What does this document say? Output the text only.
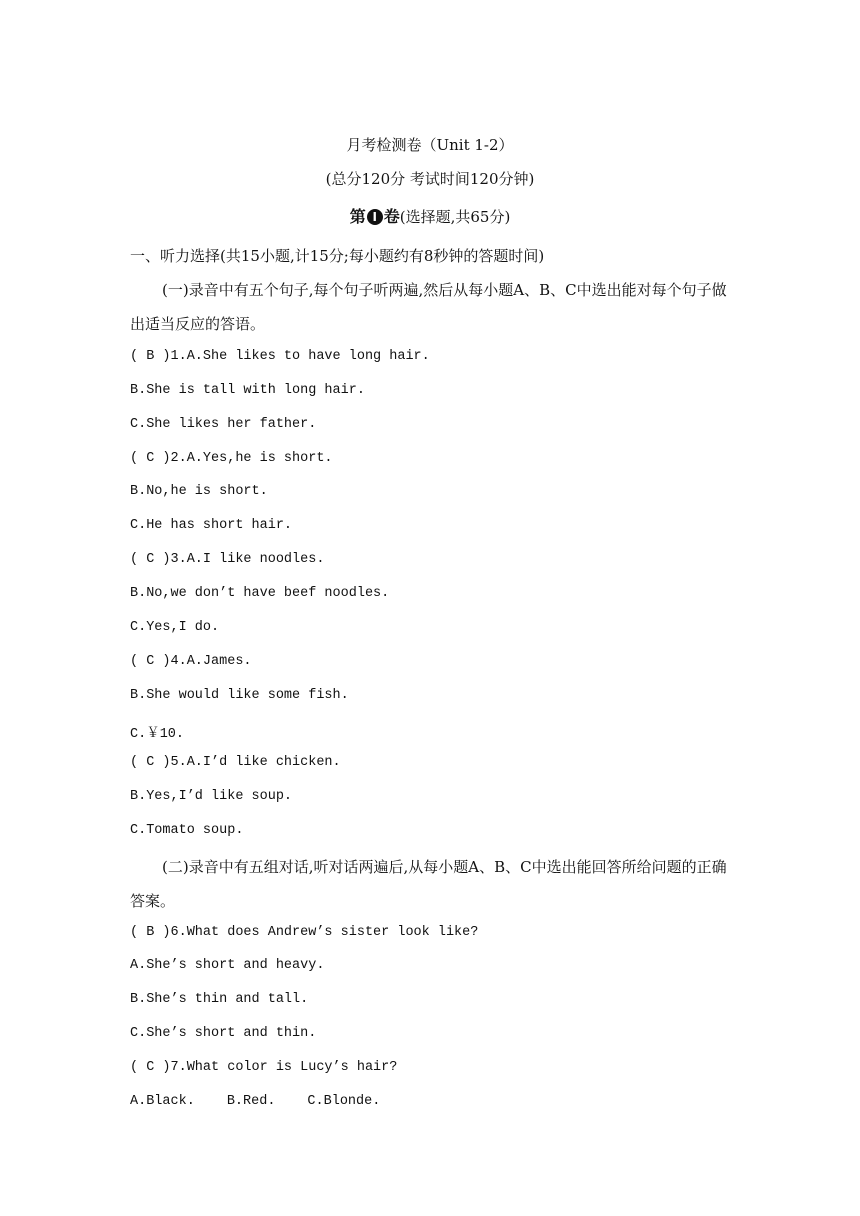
月考检测卷（Unit 1-2）
(总分120分 考试时间120分钟)
第 Ⅰ 卷(选择题,共65分)
一、听力选择(共15小题,计15分;每小题约有8秒钟的答题时间)
(一)录音中有五个句子,每个句子听两遍,然后从每小题A、B、C中选出能对每个句子做
出适当反应的答语。
( B )1.A.She likes to have long hair.
B.She is tall with long hair.
C.She likes her father.
( C )2.A.Yes,he is short.
B.No,he is short.
C.He has short hair.
( C )3.A.I like noodles.
B.No,we don’t have beef noodles.
C.Yes,I do.
( C )4.A.James.
B.She would like some fish.
C.￥10.
( C )5.A.I’d like chicken.
B.Yes,I’d like soup.
C.Tomato soup.
(二)录音中有五组对话,听对话两遍后,从每小题A、B、C中选出能回答所给问题的正确
答案。
( B )6.What does Andrew’s sister look like?
A.She’s short and heavy.
B.She’s thin and tall.
C.She’s short and thin.
( C )7.What color is Lucy’s hair?
A.Black. B.Red. C.Blonde.
